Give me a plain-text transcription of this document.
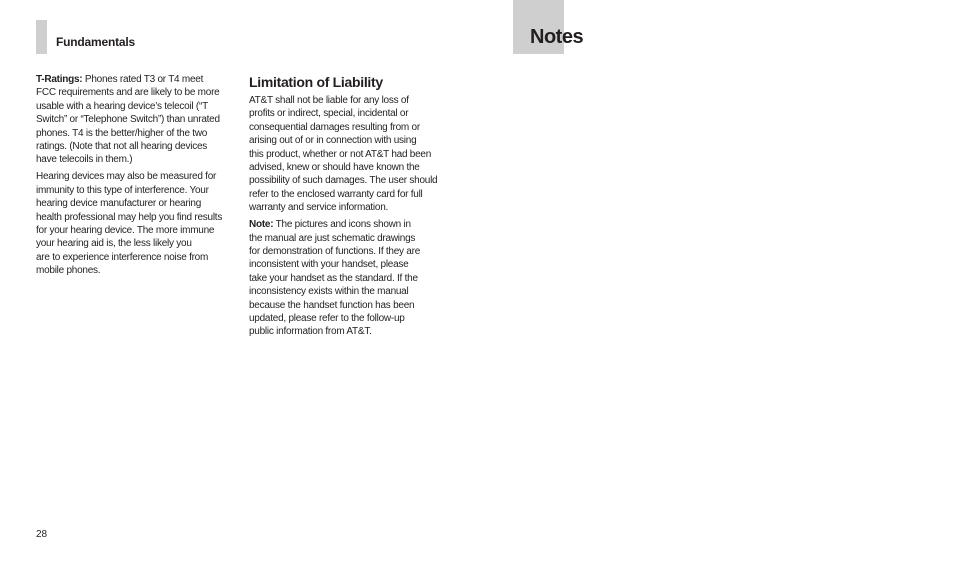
Fundamentals	Notes

T-Ratings: Phones rated T3 or T4 meet
FCC requirements and are likely to be more
usable with a hearing device’s telecoil (“T
Switch” or “Telephone Switch”) than unrated
phones. T4 is the better/higher of the two
ratings. (Note that not all hearing devices
have telecoils in them.)

Hearing devices may also be measured for
immunity to this type of interference. Your
hearing device manufacturer or hearing
health professional may help you find results
for your hearing device. The more immune
your hearing aid is, the less likely you
are to experience interference noise from
mobile phones.

Limitation of Liability

AT&T shall not be liable for any loss of
profits or indirect, special, incidental or
consequential damages resulting from or
arising out of or in connection with using
this product, whether or not AT&T had been
advised, knew or should have known the
possibility of such damages. The user should
refer to the enclosed warranty card for full
warranty and service information.

Note: The pictures and icons shown in
the manual are just schematic drawings
for demonstration of functions. If they are
inconsistent with your handset, please
take your handset as the standard. If the
inconsistency exists within the manual
because the handset function has been
updated, please refer to the follow-up
public information from AT&T.

28
